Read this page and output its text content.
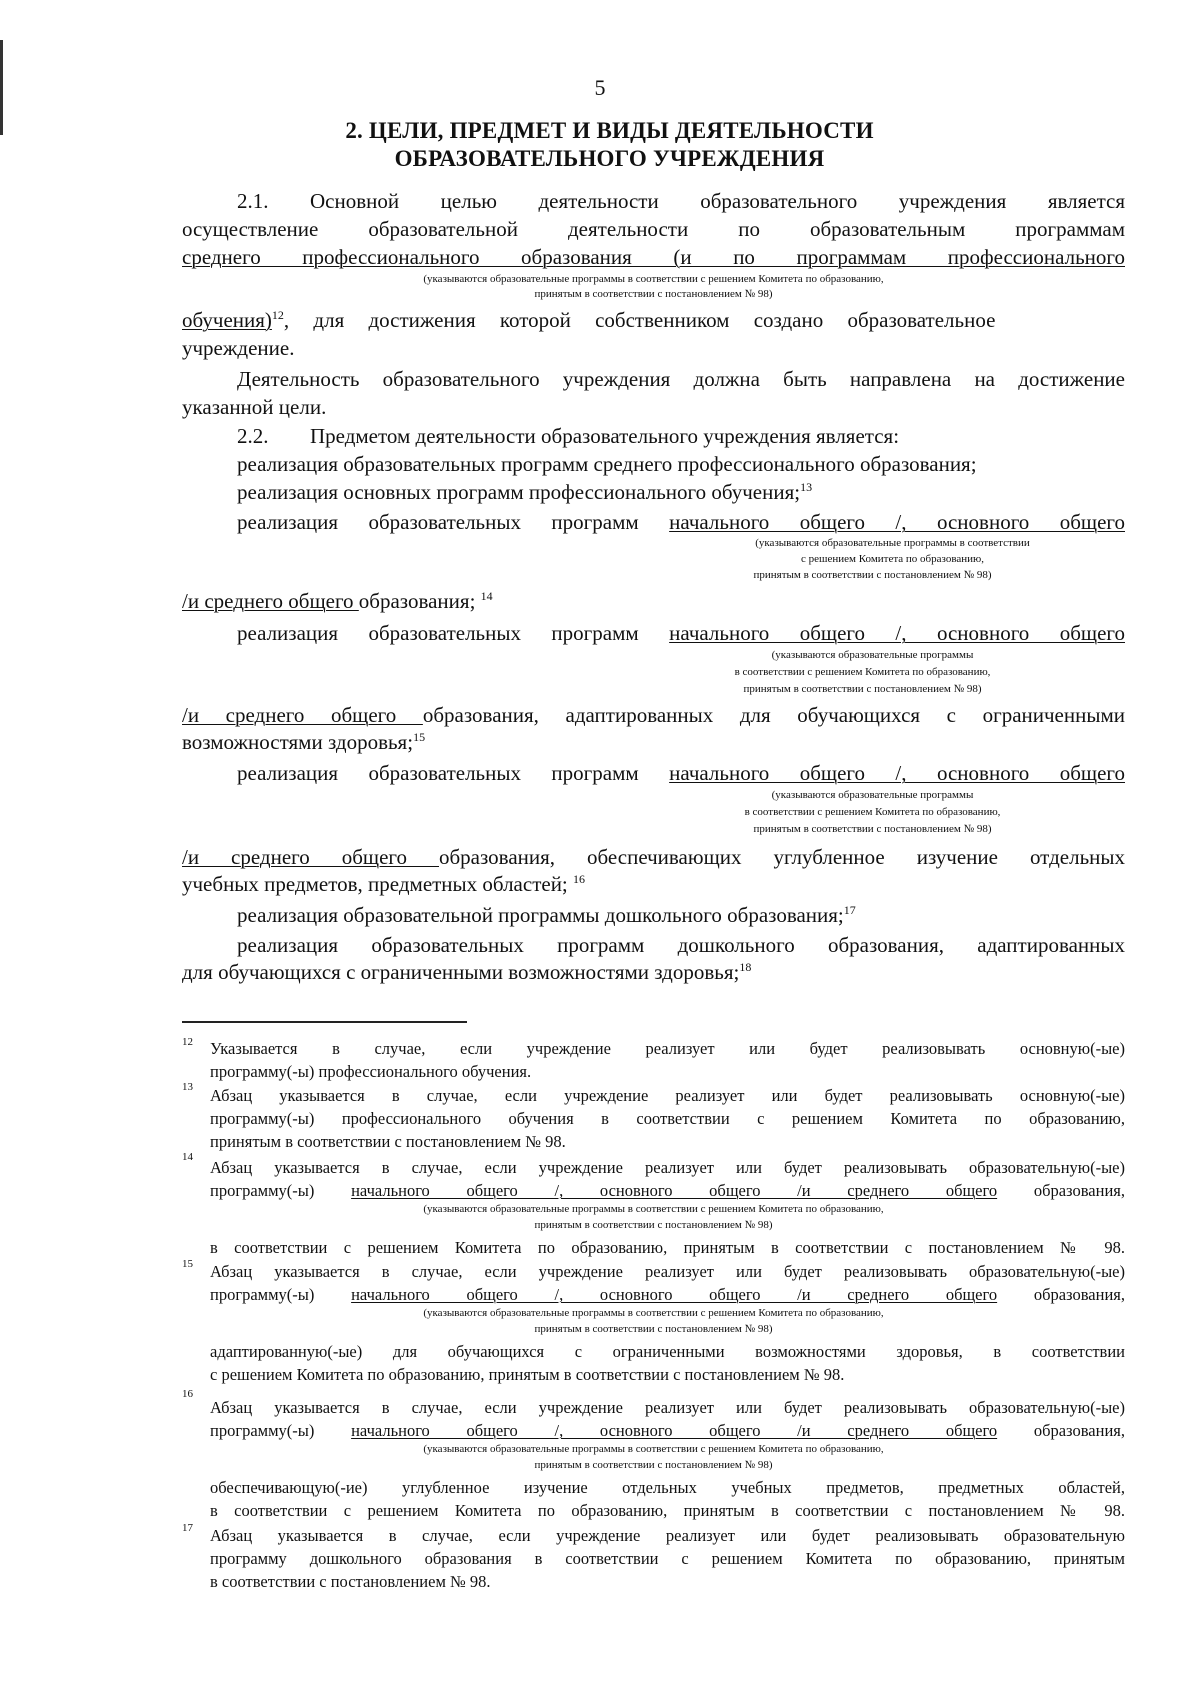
5
2. ЦЕЛИ, ПРЕДМЕТ И ВИДЫ ДЕЯТЕЛЬНОСТИ
ОБРАЗОВАТЕЛЬНОГО УЧРЕЖДЕНИЯ
2.1. Основной целью деятельности образовательного учреждения является
осуществление образовательной деятельности по образовательным программам
среднего профессионального образования (и по программам профессионального
(указываются образовательные программы в соответствии с решением Комитета по образованию,
принятым в соответствии с постановлением № 98)
обучения)$^{12}$, для достижения которой собственником создано образовательное
учреждение.
Деятельность образовательного учреждения должна быть направлена на достижение
указанной цели.
2.2. Предметом деятельности образовательного учреждения является:
реализация образовательных программ среднего профессионального образования;
реализация основных программ профессионального обучения;$^{13}$
реализация образовательных программ начального общего /, основного общего
(указываются образовательные программы в соответствии
с решением Комитета по образованию,
принятым в соответствии с постановлением № 98)
/и среднего общего образования; $^{14}$
реализация образовательных программ начального общего /, основного общего
(указываются образовательные программы
в соответствии с решением Комитета по образованию,
принятым в соответствии с постановлением № 98)
/и среднего общего образования, адаптированных для обучающихся с ограниченными
возможностями здоровья;$^{15}$
реализация образовательных программ начального общего /, основного общего
(указываются образовательные программы
в соответствии с решением Комитета по образованию,
принятым в соответствии с постановлением № 98)
/и среднего общего образования, обеспечивающих углубленное изучение отдельных
учебных предметов, предметных областей; $^{16}$
реализация образовательной программы дошкольного образования;$^{17}$
реализация образовательных программ дошкольного образования, адаптированных
для обучающихся с ограниченными возможностями здоровья;$^{18}$
12 Указывается в случае, если учреждение реализует или будет реализовывать основную(-ые)
программу(-ы) профессионального обучения.
13 Абзац указывается в случае, если учреждение реализует или будет реализовывать основную(-ые)
программу(-ы) профессионального обучения в соответствии с решением Комитета по образованию,
принятым в соответствии с постановлением № 98.
14
Абзац указывается в случае, если учреждение реализует или будет реализовывать образовательную(-ые)
программу(-ы) начального общего /, основного общего /и среднего общего образования,
(указываются образовательные программы в соответствии с решением Комитета по образованию,
принятым в соответствии с постановлением № 98)
в соответствии с решением Комитета по образованию, принятым в соответствии с постановлением № 98.
15 Абзац указывается в случае, если учреждение реализует или будет реализовывать образовательную(-ые)
программу(-ы) начального общего /, основного общего /и среднего общего образования,
(указываются образовательные программы в соответствии с решением Комитета по образованию,
принятым в соответствии с постановлением № 98)
адаптированную(-ые) для обучающихся с ограниченными возможностями здоровья, в соответствии
с решением Комитета по образованию, принятым в соответствии с постановлением № 98.
16
Абзац указывается в случае, если учреждение реализует или будет реализовывать образовательную(-ые)
программу(-ы) начального общего /, основного общего /и среднего общего образования,
(указываются образовательные программы в соответствии с решением Комитета по образованию,
принятым в соответствии с постановлением № 98)
обеспечивающую(-ие) углубленное изучение отдельных учебных предметов, предметных областей,
в соответствии с решением Комитета по образованию, принятым в соответствии с постановлением № 98.
17 Абзац указывается в случае, если учреждение реализует или будет реализовывать образовательную
программу дошкольного образования в соответствии с решением Комитета по образованию, принятым
в соответствии с постановлением № 98.
